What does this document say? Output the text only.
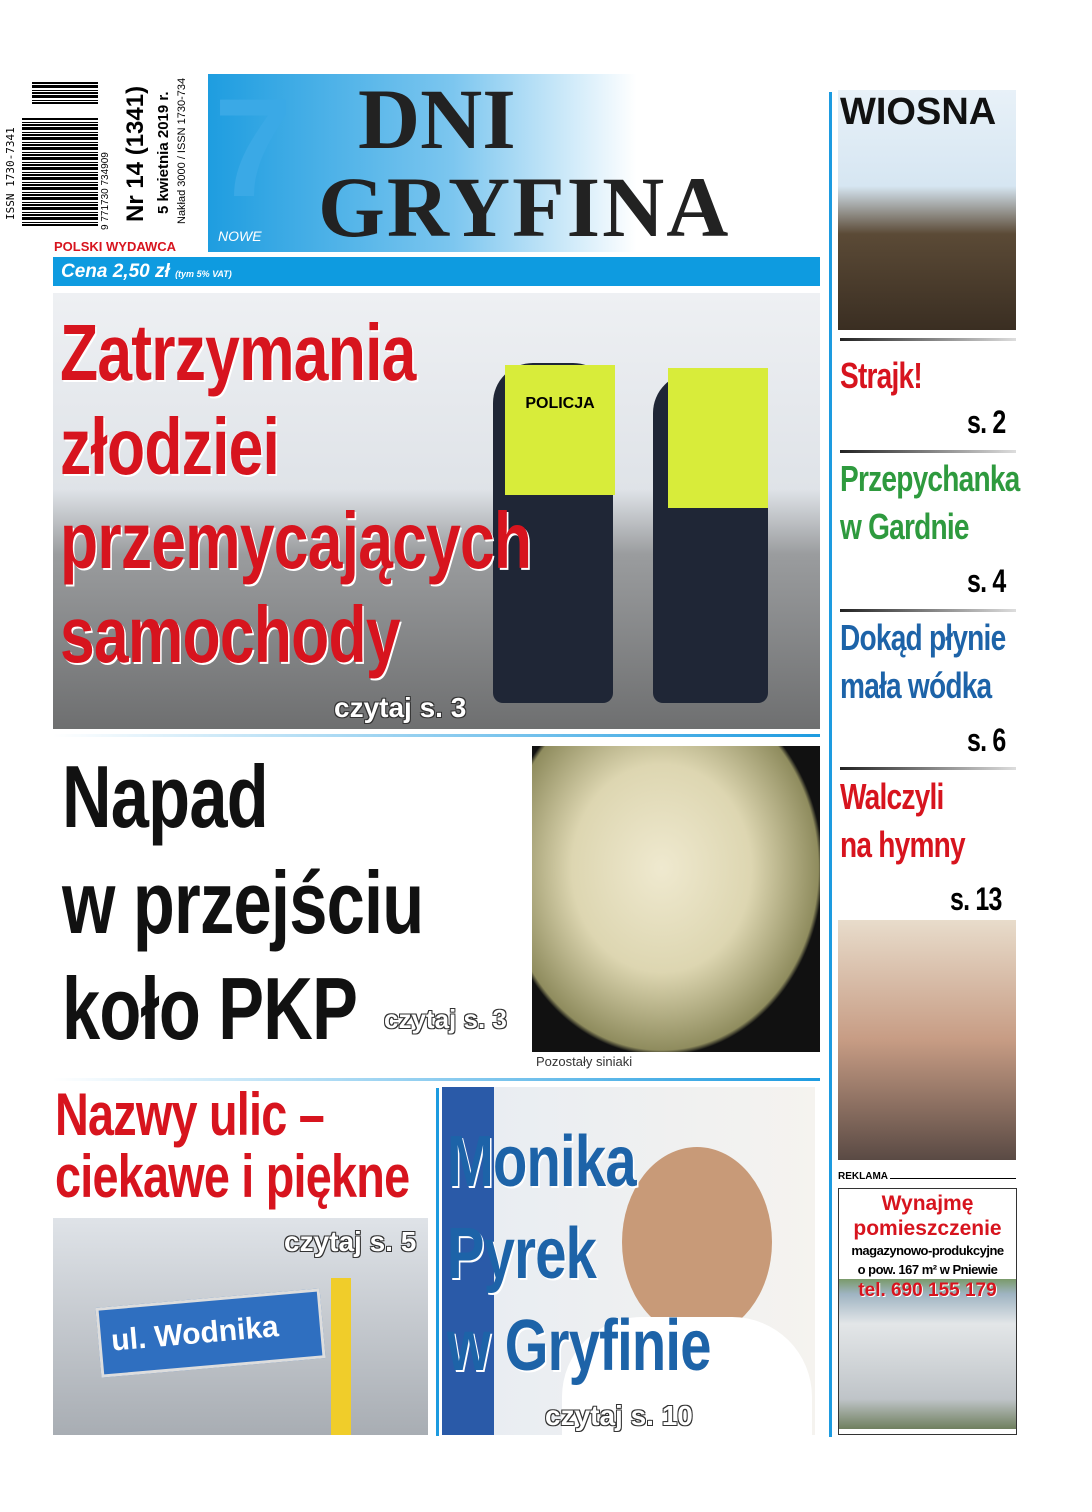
ISSN 1730-7341	9 771730 734909 Nr 14 (1341) 5 kwietnia 2019 r. Nakład 3000 / ISSN 1730-734
POLSKI WYDAWCA
7
NOWE
DNI
GRYFINA
Cena 2,50 zł (tym 5% VAT)
POLICJA
Zatrzymania
złodziei
przemycających
samochody
czytaj s. 3
Napad
w przejściu
koło PKP	czytaj s. 3
Pozostały siniaki
Nazwy ulic –
ciekawe i piękne
ul. Wodnika
czytaj s. 5
Monika
Pyrek
w Gryfinie
czytaj s. 10
WIOSNA
Strajk!
s. 2
Przepychanka
w Gardnie
s. 4
Dokąd płynie
mała wódka
s. 6
Walczyli
na hymny
s. 13
REKLAMA
Wynajmę
pomieszczenie
magazynowo-produkcyjne
o pow. 167 m² w Pniewie
tel. 690 155 179
